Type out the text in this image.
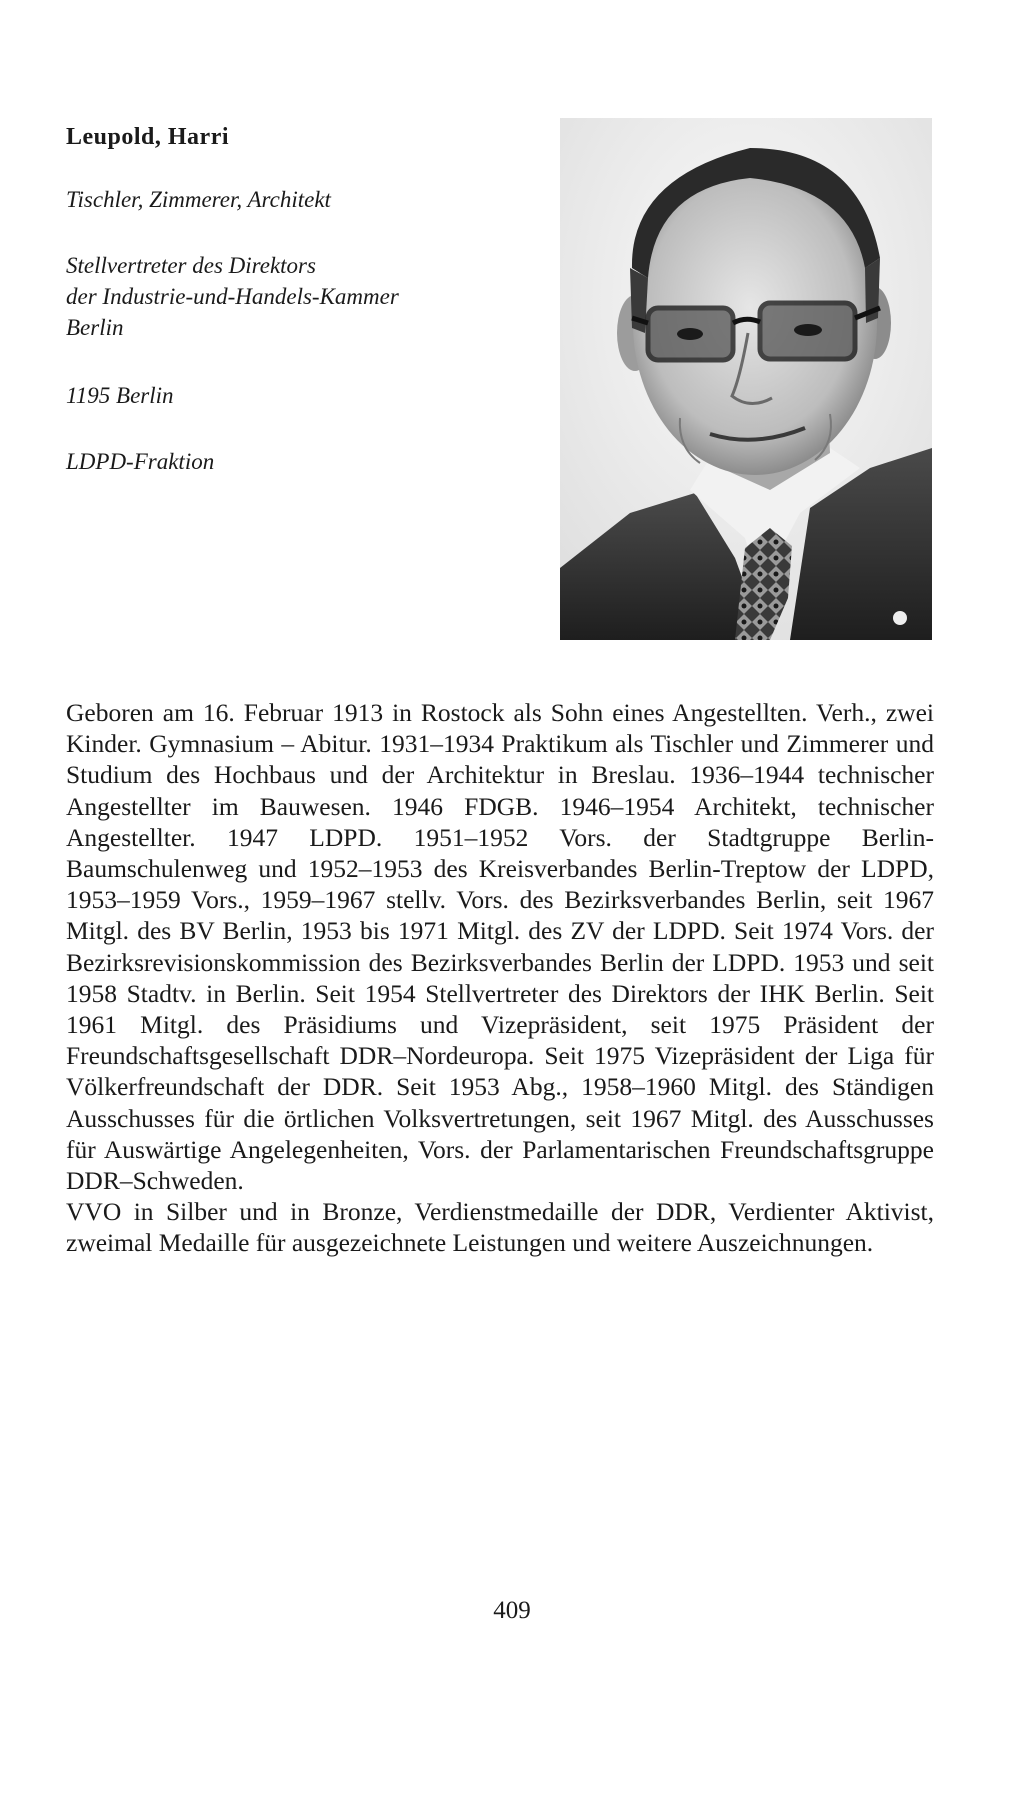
Leupold, Harri

Tischler, Zimmerer, Architekt

Stellvertreter des Direktors
der Industrie-und-Handels-Kammer
Berlin

1195 Berlin

LDPD-Fraktion

Geboren am 16. Februar 1913 in Rostock als Sohn eines Angestellten. Verh., zwei Kinder. Gymnasium – Abitur. 1931–1934 Praktikum als Tischler und Zimmerer und Studium des Hochbaus und der Architektur in Breslau. 1936–1944 technischer Angestellter im Bauwesen. 1946 FDGB. 1946–1954 Architekt, technischer Angestellter. 1947 LDPD. 1951–1952 Vors. der Stadtgruppe Berlin-Baumschulenweg und 1952–1953 des Kreisverbandes Berlin-Treptow der LDPD, 1953–1959 Vors., 1959–1967 stellv. Vors. des Bezirksverbandes Berlin, seit 1967 Mitgl. des BV Berlin, 1953 bis 1971 Mitgl. des ZV der LDPD. Seit 1974 Vors. der Bezirksrevisionskommission des Bezirksverbandes Berlin der LDPD. 1953 und seit 1958 Stadtv. in Berlin. Seit 1954 Stellvertreter des Direktors der IHK Berlin. Seit 1961 Mitgl. des Präsidiums und Vizepräsident, seit 1975 Präsident der Freundschaftsgesellschaft DDR–Nordeuropa. Seit 1975 Vizepräsident der Liga für Völkerfreundschaft der DDR. Seit 1953 Abg., 1958–1960 Mitgl. des Ständigen Ausschusses für die örtlichen Volksvertretungen, seit 1967 Mitgl. des Ausschusses für Auswärtige Angelegenheiten, Vors. der Parlamentarischen Freundschaftsgruppe DDR–Schweden.

VVO in Silber und in Bronze, Verdienstmedaille der DDR, Verdienter Aktivist, zweimal Medaille für ausgezeichnete Leistungen und weitere Auszeichnungen.

409
